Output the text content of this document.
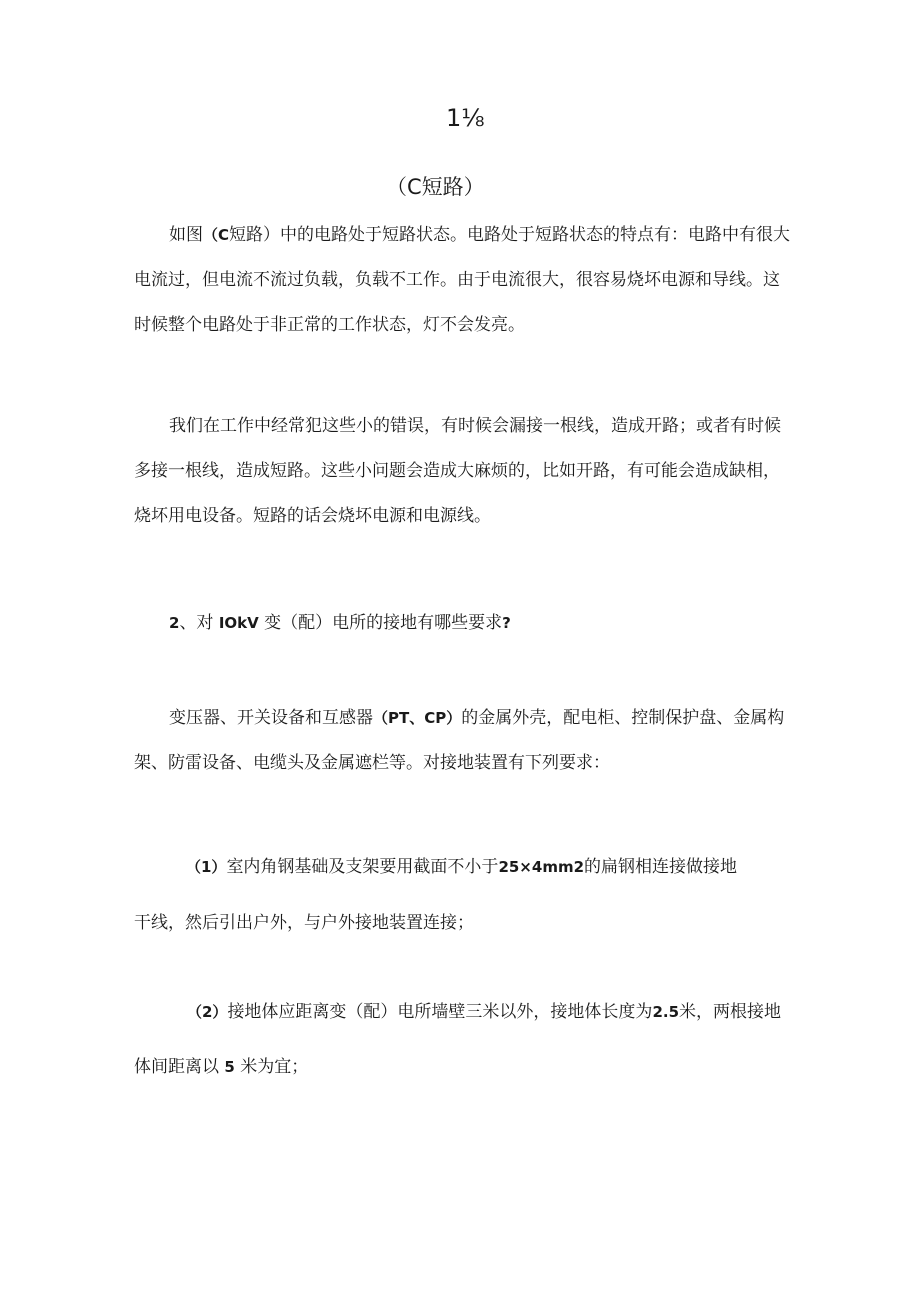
1⅛
（C短路）
如图（C短路）中的电路处于短路状态。电路处于短路状态的特点有：电路中有很大电流过，但电流不流过负载，负载不工作。由于电流很大，很容易烧坏电源和导线。这时候整个电路处于非正常的工作状态，灯不会发亮。
我们在工作中经常犯这些小的错误，有时候会漏接一根线，造成开路；或者有时候多接一根线，造成短路。这些小问题会造成大麻烦的，比如开路，有可能会造成缺相，烧坏用电设备。短路的话会烧坏电源和电源线。
2、对 IOkV 变（配）电所的接地有哪些要求?
变压器、开关设备和互感器（PT、CP）的金属外壳，配电柜、控制保护盘、金属构架、防雷设备、电缆头及金属遮栏等。对接地装置有下列要求：
（1）室内角钢基础及支架要用截面不小于25×4mm2的扁钢相连接做接地
干线，然后引出户外，与户外接地装置连接；
（2）接地体应距离变（配）电所墙壁三米以外，接地体长度为2.5米，两根接地
体间距离以 5 米为宜；
